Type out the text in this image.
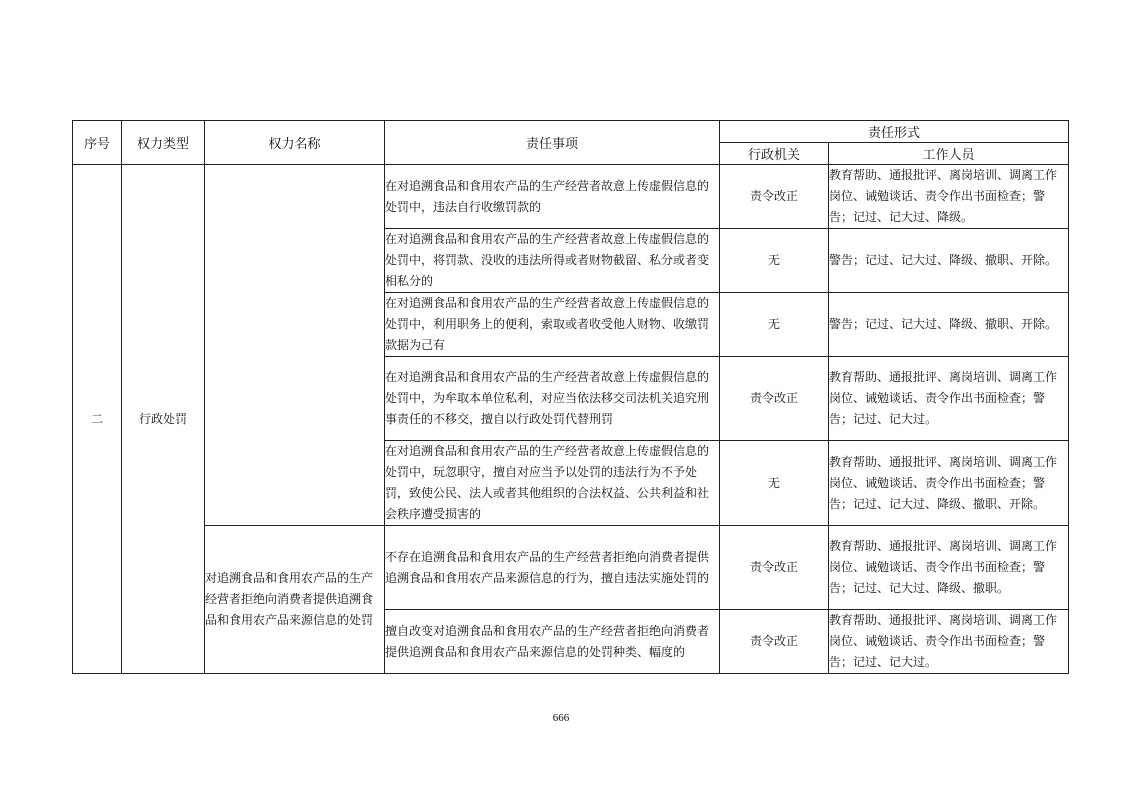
序号	权力类型	权力名称	责任事项	责任形式	
				行政机关	工作人员
二	行政处罚		在对追溯食品和食用农产品的生产经营者故意上传虚假信息的处罚中，违法自行收缴罚款的	责令改正	教育帮助、通报批评、离岗培训、调离工作岗位、诫勉谈话、责令作出书面检查；警告；记过、记大过、降级。
			在对追溯食品和食用农产品的生产经营者故意上传虚假信息的处罚中，将罚款、没收的违法所得或者财物截留、私分或者变相私分的	无	警告；记过、记大过、降级、撤职、开除。
			在对追溯食品和食用农产品的生产经营者故意上传虚假信息的处罚中，利用职务上的便利，索取或者收受他人财物、收缴罚款据为己有	无	警告；记过、记大过、降级、撤职、开除。
			在对追溯食品和食用农产品的生产经营者故意上传虚假信息的处罚中，为牟取本单位私利，对应当依法移交司法机关追究刑事责任的不移交，擅自以行政处罚代替刑罚	责令改正	教育帮助、通报批评、离岗培训、调离工作岗位、诫勉谈话、责令作出书面检查；警告；记过、记大过。
			在对追溯食品和食用农产品的生产经营者故意上传虚假信息的处罚中，玩忽职守，擅自对应当予以处罚的违法行为不予处罚，致使公民、法人或者其他组织的合法权益、公共利益和社会秩序遭受损害的	无	教育帮助、通报批评、离岗培训、调离工作岗位、诫勉谈话、责令作出书面检查；警告；记过、记大过、降级、撤职、开除。
		对追溯食品和食用农产品的生产经营者拒绝向消费者提供追溯食品和食用农产品来源信息的处罚	不存在追溯食品和食用农产品的生产经营者拒绝向消费者提供追溯食品和食用农产品来源信息的行为，擅自违法实施处罚的	责令改正	教育帮助、通报批评、离岗培训、调离工作岗位、诫勉谈话、责令作出书面检查；警告；记过、记大过、降级、撤职。
			擅自改变对追溯食品和食用农产品的生产经营者拒绝向消费者提供追溯食品和食用农产品来源信息的处罚种类、幅度的	责令改正	教育帮助、通报批评、离岗培训、调离工作岗位、诫勉谈话、责令作出书面检查；警告；记过、记大过。
666
